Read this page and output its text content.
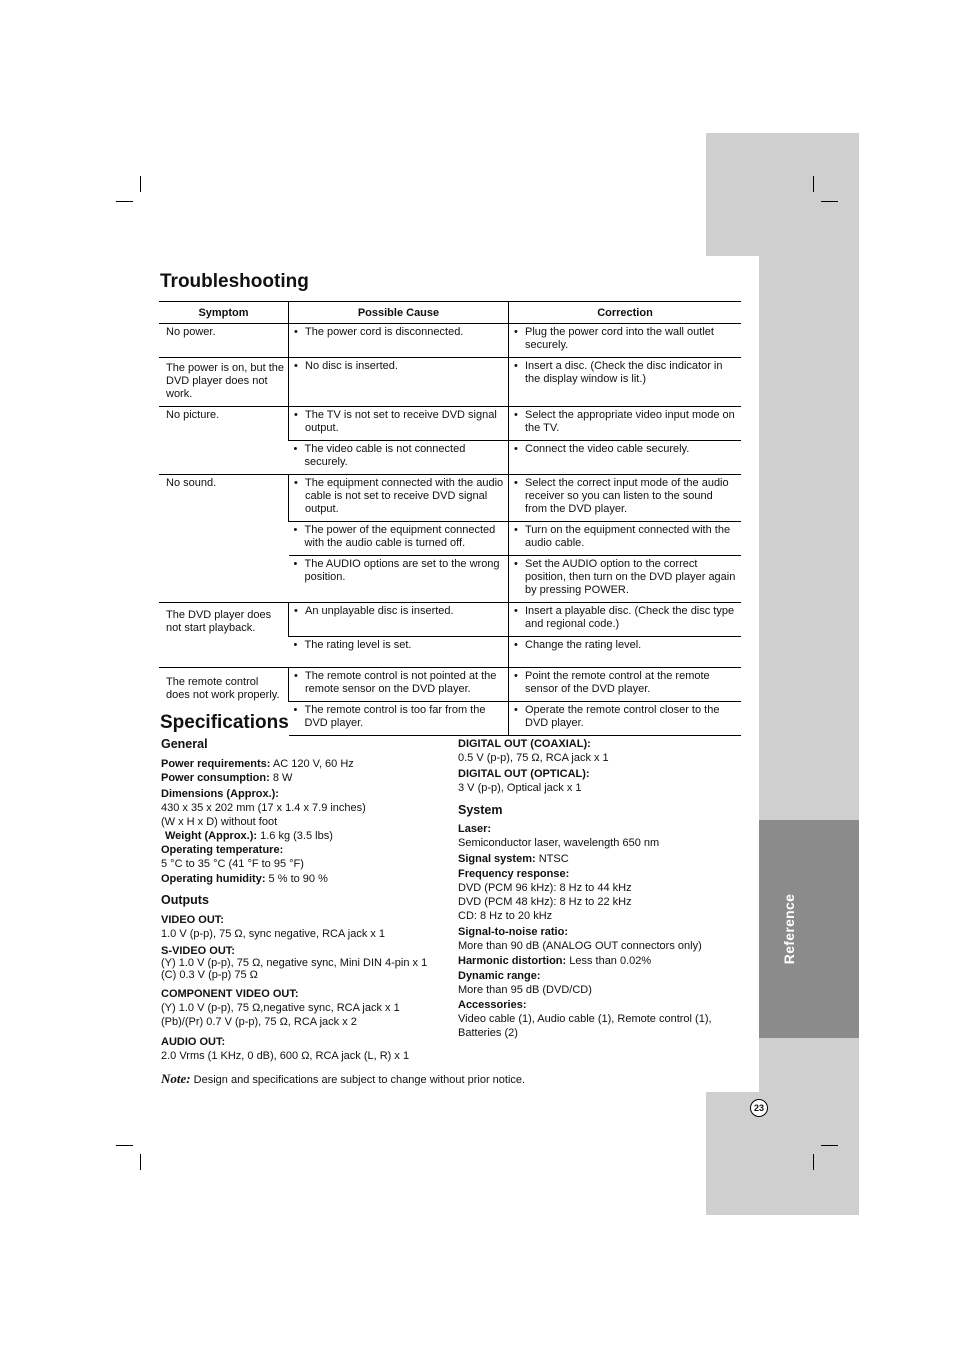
Reference
23
Troubleshooting
Symptom	Possible Cause	Correction
No power.	• The power cord is disconnected.	• Plug the power cord into the wall outlet securely.
The power is on, but the DVD player does not work.	• No disc is inserted.	• Insert a disc. (Check the disc indicator in the display window is lit.)
No picture.	• The TV is not set to receive DVD signal output.	• Select the appropriate video input mode on the TV.
	• The video cable is not connected securely.	• Connect the video cable securely.
No sound.	• The equipment connected with the audio cable is not set to receive DVD signal output.	• Select the correct input mode of the audio receiver so you can listen to the sound from the DVD player.
	• The power of the equipment connected with the audio cable is turned off.	• Turn on the equipment connected with the audio cable.
	• The AUDIO options are set to the wrong position.	• Set the AUDIO option to the correct position, then turn on the DVD player again by pressing POWER.
The DVD player does not start playback.	• An unplayable disc is inserted.	• Insert a playable disc. (Check the disc type and regional code.)
	• The rating level is set.	• Change the rating level.
The remote control does not work properly.	• The remote control is not pointed at the remote sensor on the DVD player.	• Point the remote control at the remote sensor of the DVD player.
	• The remote control is too far from the DVD player.	• Operate the remote control closer to the DVD player.
Specifications

General

Power requirements: AC 120 V, 60 Hz

Power consumption: 8 W

Dimensions (Approx.):

430 x 35 x 202 mm (17 x 1.4 x 7.9 inches)

(W x H x D) without foot

Weight (Approx.): 1.6 kg (3.5 lbs)

Operating temperature:

5 °C to 35 °C (41 °F to 95 °F)

Operating humidity: 5 % to 90 %

Outputs

VIDEO OUT:

1.0 V (p-p), 75 Ω, sync negative, RCA jack x 1

S-VIDEO OUT:

(Y) 1.0 V (p-p), 75 Ω, negative sync, Mini DIN 4-pin x 1

(C) 0.3 V (p-p) 75 Ω

COMPONENT VIDEO OUT:

(Y) 1.0 V (p-p), 75 Ω,negative sync, RCA jack x 1

(Pb)/(Pr) 0.7 V (p-p), 75 Ω, RCA jack x 2

AUDIO OUT:

2.0 Vrms (1 KHz, 0 dB), 600 Ω, RCA jack (L, R) x 1

DIGITAL OUT (COAXIAL):

0.5 V (p-p), 75 Ω, RCA jack x 1

DIGITAL OUT (OPTICAL):

3 V (p-p), Optical jack x 1

System

Laser:

Semiconductor laser, wavelength 650 nm

Signal system: NTSC

Frequency response:

DVD (PCM 96 kHz): 8 Hz to 44 kHz

DVD (PCM 48 kHz): 8 Hz to 22 kHz

CD: 8 Hz to 20 kHz

Signal-to-noise ratio:

More than 90 dB (ANALOG OUT connectors only)

Harmonic distortion: Less than 0.02%

Dynamic range:

More than 95 dB (DVD/CD)

Accessories:

Video cable (1), Audio cable (1), Remote control (1),

Batteries (2)

Note: Design and specifications are subject to change without prior notice.
